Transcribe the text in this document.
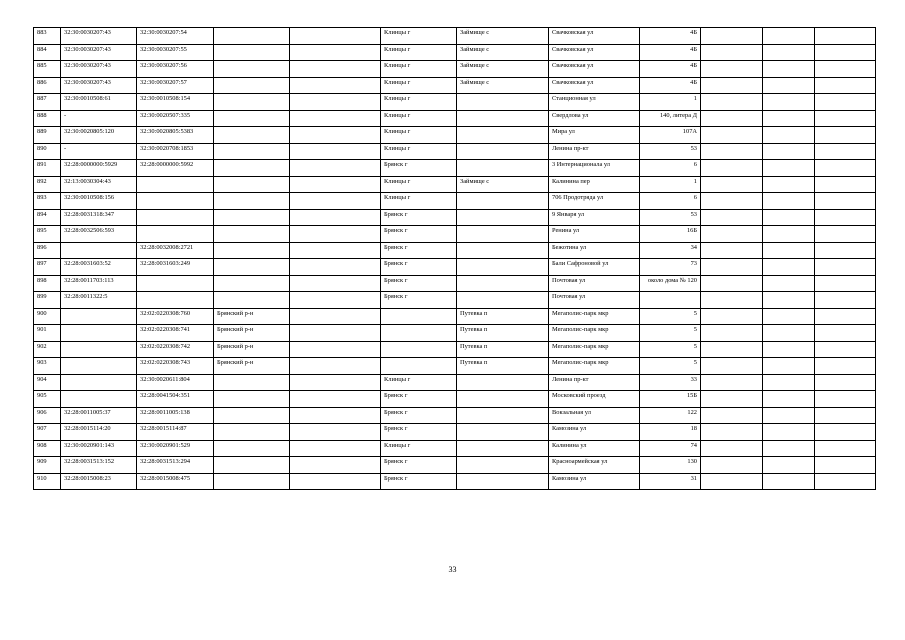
883	32:30:0030207:43	32:30:0030207:54			Клинцы г	Займище с	Свачковская ул	4Б			
884	32:30:0030207:43	32:30:0030207:55			Клинцы г	Займище с	Свачковская ул	4Б			
885	32:30:0030207:43	32:30:0030207:56			Клинцы г	Займище с	Свачковская ул	4Б			
886	32:30:0030207:43	32:30:0030207:57			Клинцы г	Займище с	Свачковская ул	4Б			
887	32:30:0010508:61	32:30:0010508:154			Клинцы г		Станционная ул	1			
888	-	32:30:0020507:335			Клинцы г		Свердлова ул	140, литера Д			
889	32:30:0020805:120	32:30:0020805:5383			Клинцы г		Мира ул	107А			
890	-	32:30:0020708:1853			Клинцы г		Ленина пр-кт	53			
891	32:28:0000000:5929	32:28:0000000:5992			Брянск г		3 Интернационала ул	6			
892	32:13:0030304:43				Клинцы г	Займище с	Калинина пер	1			
893	32:30:0010508:156				Клинцы г		706 Продотряда ул	6			
894	32:28:0031318:347				Брянск г		9 Января ул	53			
895	32:28:0032506:593				Брянск г		Ренина ул	16Б			
896		32:28:0032008:2721			Брянск г		Бежотина ул	34			
897	32:28:0031603:52	32:28:0031603:249			Брянск г		Бали Сафроновой ул	73			
898	32:28:0011703:113				Брянск г		Почтовая ул	около дома № 120			
899	32:28:0011322:5				Брянск г		Почтовая ул				
900		32:02:0220308:760	Брянский р-н			Путевка п	Мегаполис-парк мкр	5			
901		32:02:0220308:741	Брянский р-н			Путевка п	Мегаполис-парк мкр	5			
902		32:02:0220308:742	Брянский р-н			Путевка п	Мегаполис-парк мкр	5			
903		32:02:0220308:743	Брянский р-н			Путевка п	Мегаполис-парк мкр	5			
904		32:30:0020611:804			Клинцы г		Ленина пр-кт	33			
905		32:28:0041504:351			Брянск г		Московский проезд	15Б			
906	32:28:0011005:37	32:28:0011005:138			Брянск г		Вокзальная ул	122			
907	32:28:0015114:20	32:28:0015114:87			Брянск г		Камозина ул	18			
908	32:30:0020901:143	32:30:0020901:529			Клинцы г		Калинина ул	74			
909	32:28:0031513:152	32:28:0031513:294			Брянск г		Красноармейская ул	130			
910	32:28:0015008:23	32:28:0015008:475			Брянск г		Камозина ул	31			
33
